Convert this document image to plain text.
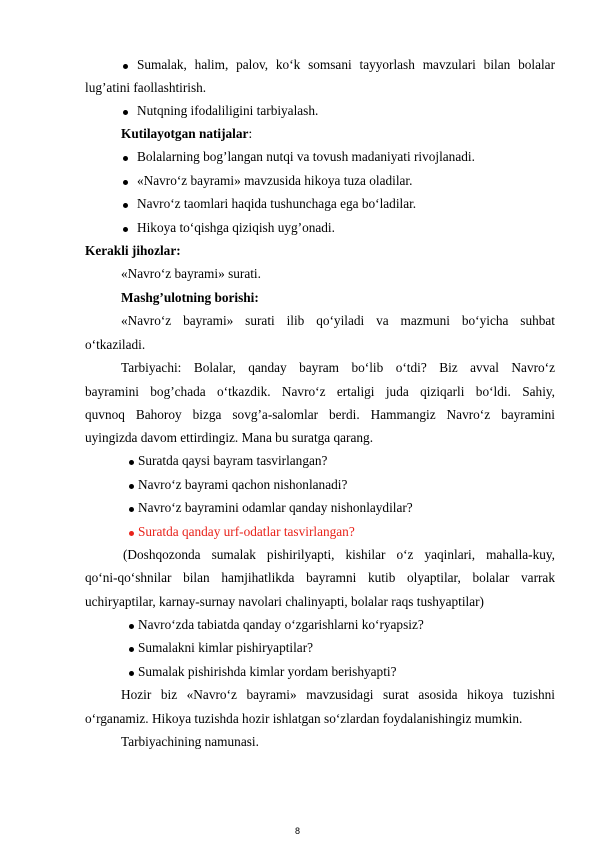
Sumalak, halim, palov, ko‘k somsani tayyorlash mavzulari bilan bolalar
lug’atini faollashtirish.
Nutqning ifodaliligini tarbiyalash.
Kutilayotgan natijalar:
Bolalarning bog’langan nutqi va tovush madaniyati rivojlanadi.
«Navro‘z bayrami» mavzusida hikoya tuza oladilar.
Navro‘z taomlari haqida tushunchaga ega bo‘ladilar.
Hikoya to‘qishga qiziqish uyg’onadi.
Kerakli jihozlar:
«Navro‘z bayrami» surati.
Mashg’ulotning borishi:
«Navro‘z bayrami» surati ilib qo‘yiladi va mazmuni bo‘yicha suhbat
o‘tkaziladi.
Tarbiyachi: Bolalar, qanday bayram bo‘lib o‘tdi? Biz avval Navro‘z
bayramini bog’chada o‘tkazdik. Navro‘z ertaligi juda qiziqarli bo‘ldi. Sahiy,
quvnoq Bahoroy bizga sovg’a-salomlar berdi. Hammangiz Navro‘z bayramini
uyingizda davom ettirdingiz. Mana bu suratga qarang.
Suratda qaysi bayram tasvirlangan?
Navro‘z bayrami qachon nishonlanadi?
Navro‘z bayramini odamlar qanday nishonlaydilar?
Suratda qanday urf-odatlar tasvirlangan?
(Doshqozonda sumalak pishirilyapti, kishilar o‘z yaqinlari, mahalla-kuy,
qo‘ni-qo‘shnilar bilan hamjihatlikda bayramni kutib olyaptilar, bolalar varrak
uchiryaptilar, karnay-surnay navolari chalinyapti, bolalar raqs tushyaptilar)
Navro‘zda tabiatda qanday o‘zgarishlarni ko‘ryapsiz?
Sumalakni kimlar pishiryaptilar?
Sumalak pishirishda kimlar yordam berishyapti?
Hozir biz «Navro‘z bayrami» mavzusidagi surat asosida hikoya tuzishni
o‘rganamiz. Hikoya tuzishda hozir ishlatgan so‘zlardan foydalanishingiz mumkin.
Tarbiyachining namunasi.
8
